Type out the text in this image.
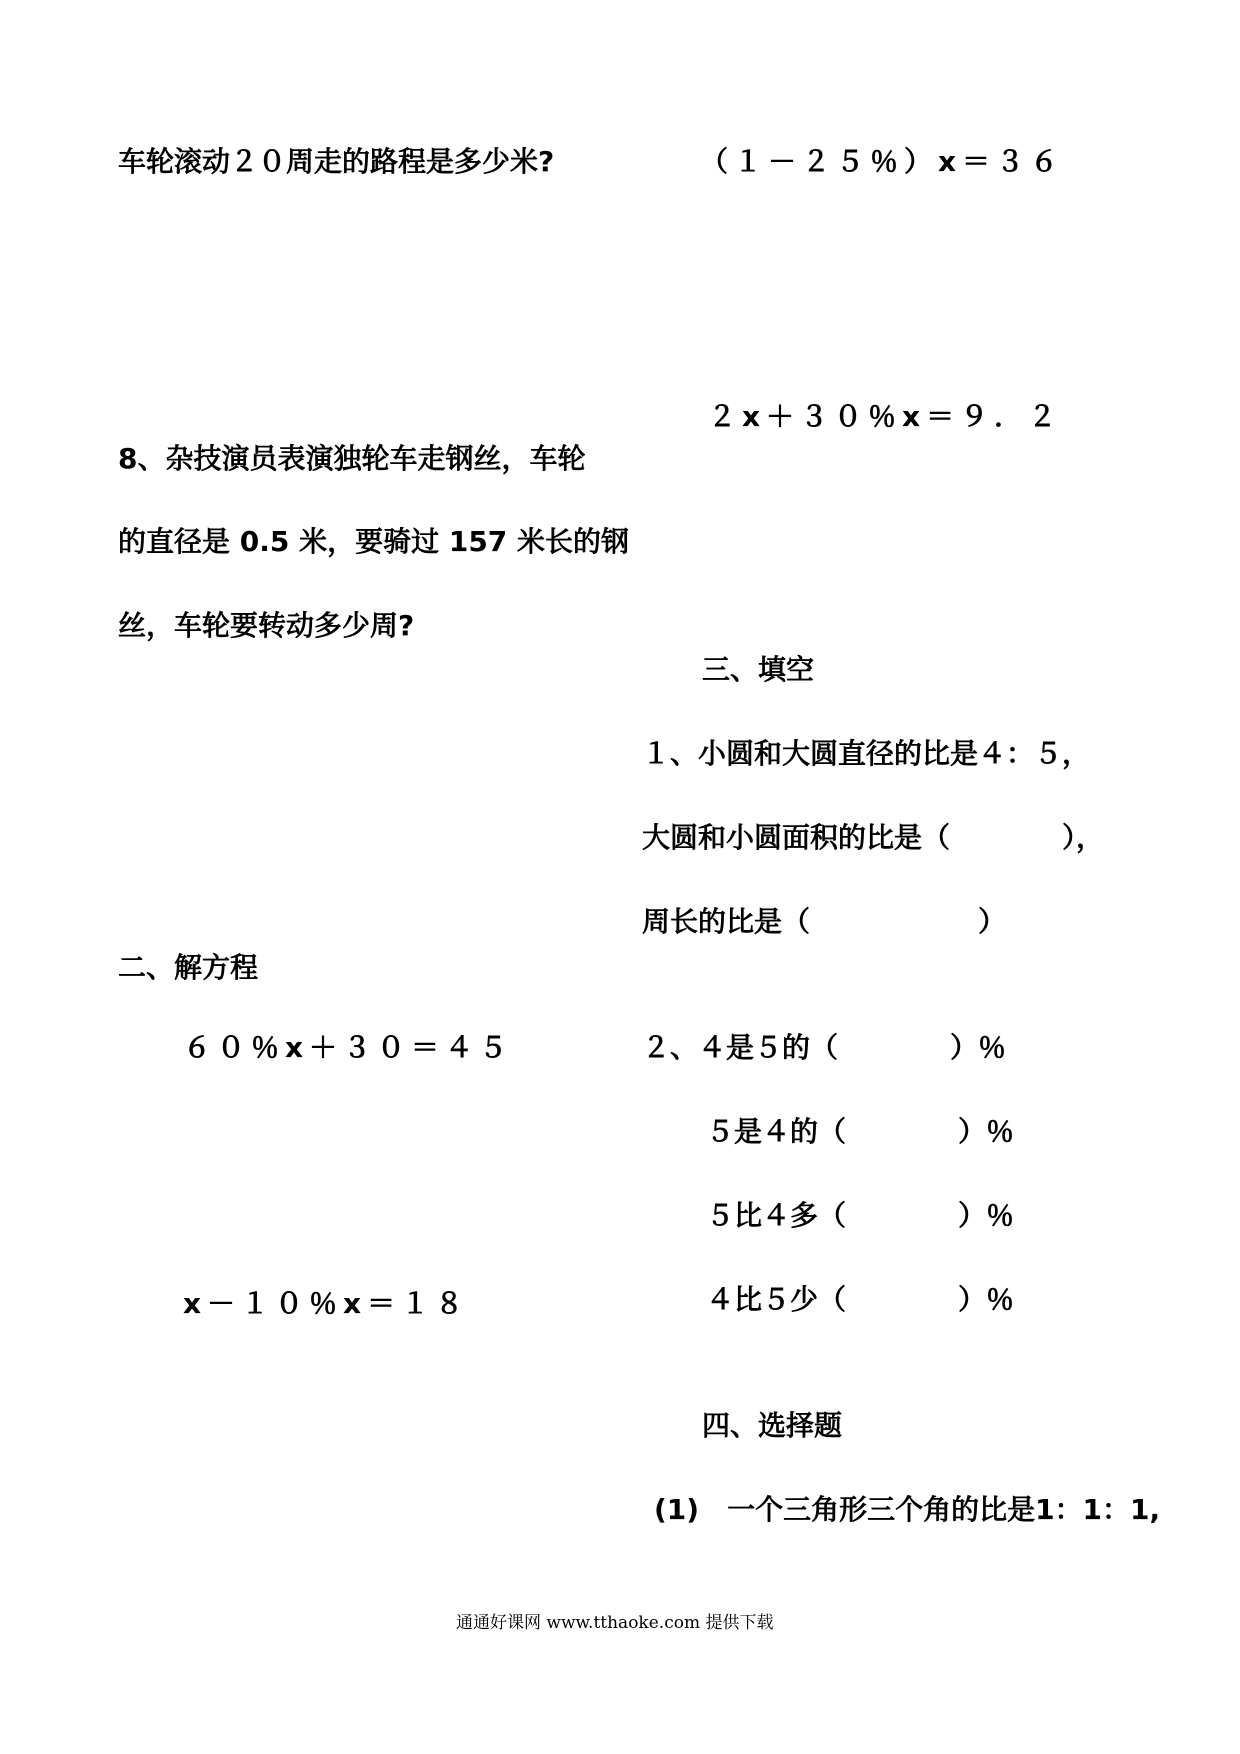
车轮滚动２０周走的路程是多少米?
8、杂技演员表演独轮车走钢丝，车轮
的直径是 0.5 米，要骑过 157 米长的钢
丝，车轮要转动多少周?
二、解方程
６０％x＋３０＝４５
x－１０％x＝１８
（１－２５％）x＝３６
２x＋３０％x＝９．２
三、填空
１、小圆和大圆直径的比是４：５，
大圆和小圆面积的比是（　　　　），
周长的比是（　　　　　　）
２、４是５的（　　　　）％
５是４的（　　　　）％
５比４多（　　　　）％
４比５少（　　　　）％
四、选择题
(1)　一个三角形三个角的比是1：1：1,
通通好课网 www.tthaoke.com 提供下载
